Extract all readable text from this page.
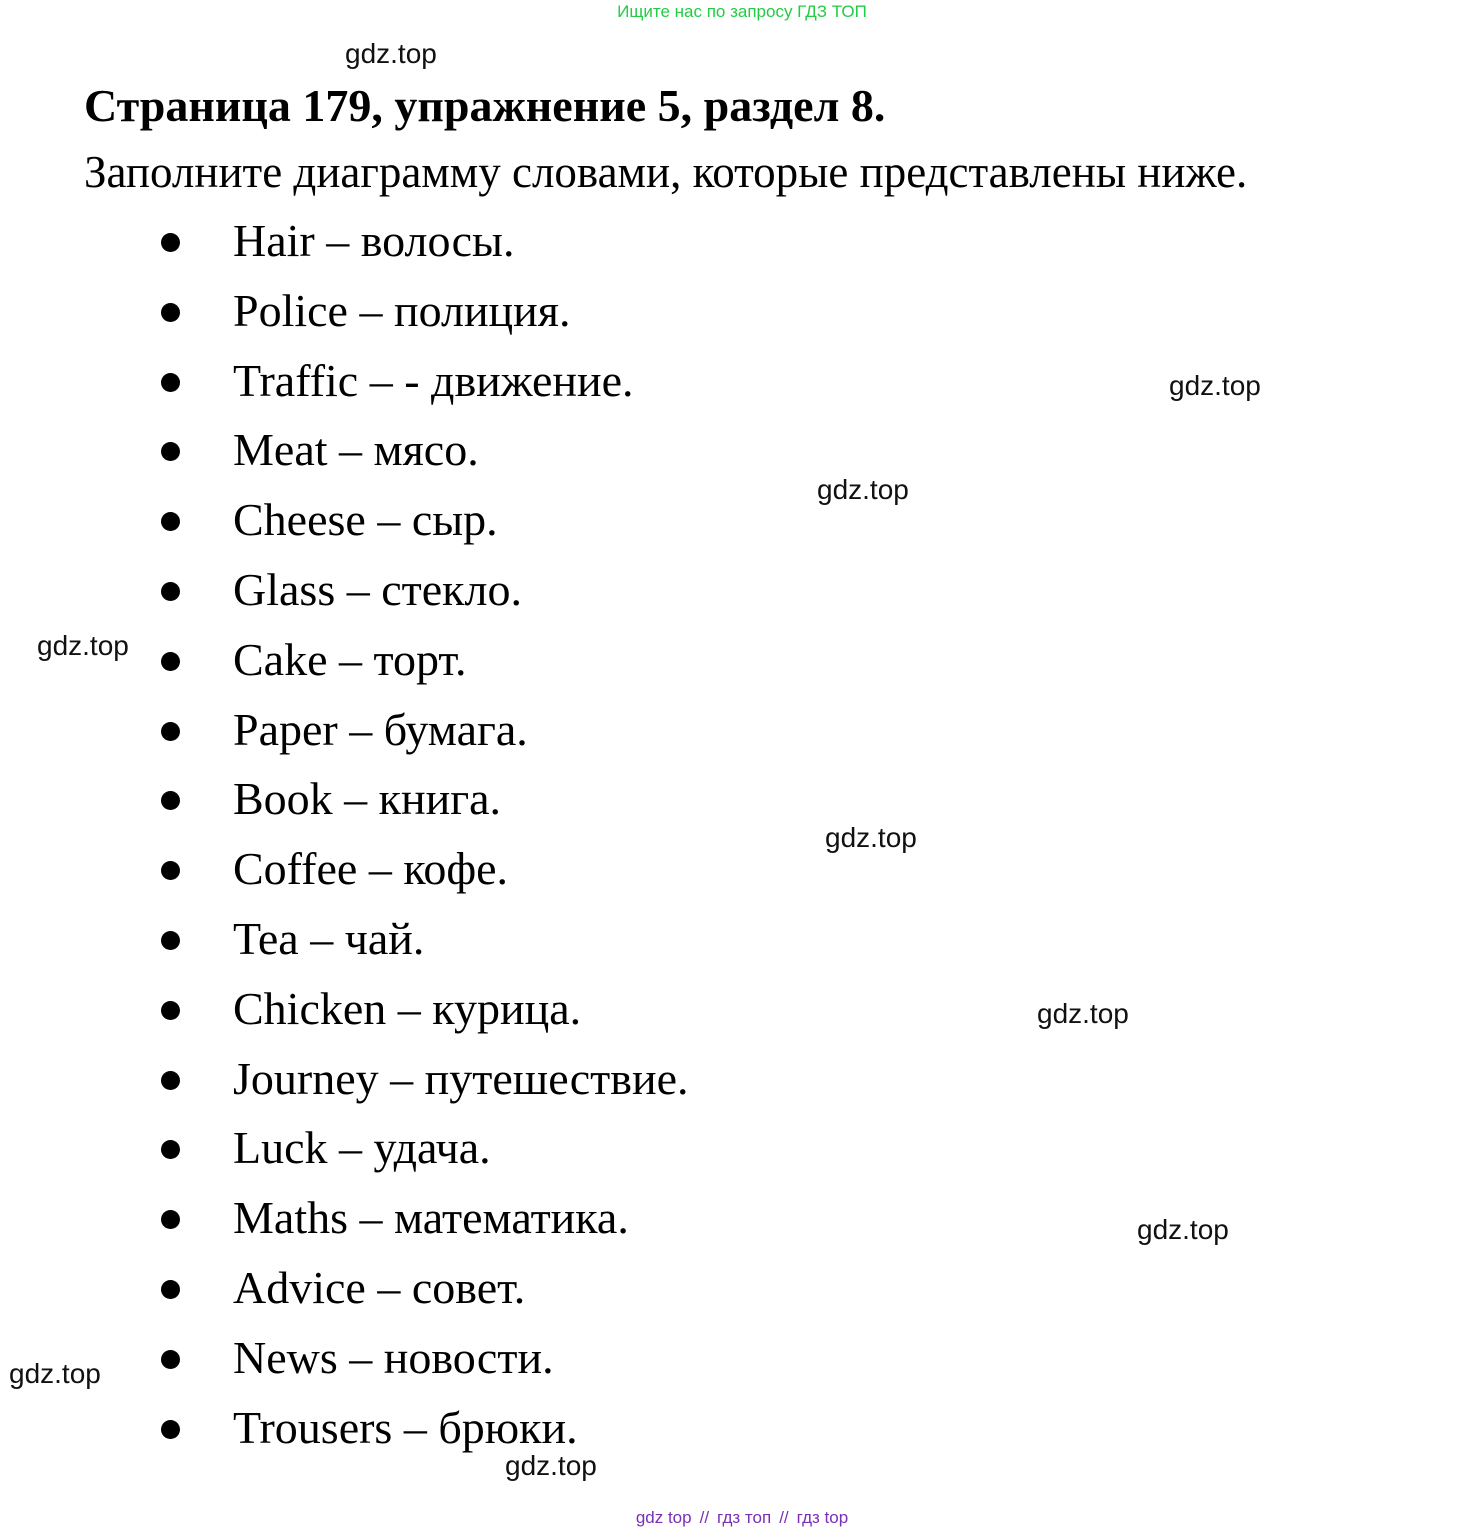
Ищите нас по запросу ГДЗ ТОП
Страница 179, упражнение 5, раздел 8.
Заполните диаграмму словами, которые представлены ниже.
Hair – волосы.
Police – полиция.
Traffic – - движение.
Meat – мясо.
Cheese – сыр.
Glass – стекло.
Cake – торт.
Paper – бумага.
Book – книга.
Coffee – кофе.
Tea – чай.
Chicken – курица.
Journey – путешествие.
Luck – удача.
Maths – математика.
Advice – совет.
News – новости.
Trousers – брюки.
gdz.top
gdz.top
gdz.top
gdz.top
gdz.top
gdz.top
gdz.top
gdz.top
gdz.top
gdz top // гдз топ // гдз top
